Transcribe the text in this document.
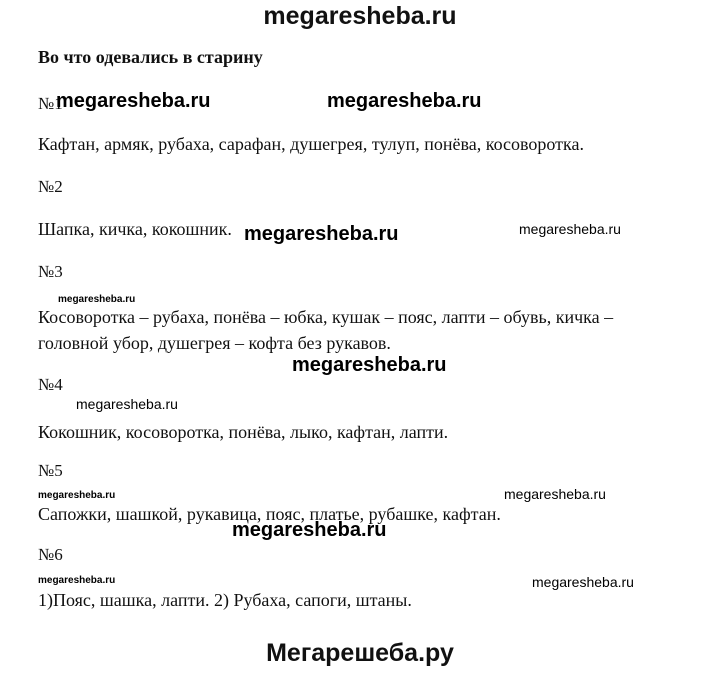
megaresheba.ru
Во что одевались в старину
№1
megaresheba.ru	megaresheba.ru
Кафтан, армяк, рубаха, сарафан, душегрея, тулуп, понёва, косоворотка.
№2
Шапка, кичка, кокошник. megaresheba.ru	megaresheba.ru
№3
megaresheba.ru
Косоворотка – рубаха, понёва – юбка, кушак – пояс, лапти – обувь, кичка –
головной убор, душегрея – кофта без рукавов.
megaresheba.ru
№4
megaresheba.ru
Кокошник, косоворотка, понёва, лыко, кафтан, лапти.
№5
megaresheba.ru	megaresheba.ru
Сапожки, шашкой, рукавица, пояс, платье, рубашке, кафтан.
megaresheba.ru
№6
megaresheba.ru	megaresheba.ru
1)Пояс, шашка, лапти. 2) Рубаха, сапоги, штаны.
Мегарешеба.ру
